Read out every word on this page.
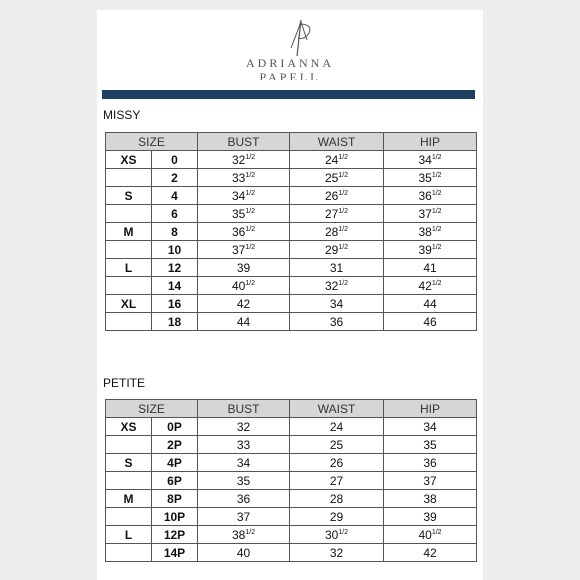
ADRIANNA
PAPELL
MISSY
SIZE		BUST	WAIST	HIP
XS	0	$32^{1/2}$	$24^{1/2}$	$34^{1/2}$
	2	$33^{1/2}$	$25^{1/2}$	$35^{1/2}$
S	4	$34^{1/2}$	$26^{1/2}$	$36^{1/2}$
	6	$35^{1/2}$	$27^{1/2}$	$37^{1/2}$
M	8	$36^{1/2}$	$28^{1/2}$	$38^{1/2}$
	10	$37^{1/2}$	$29^{1/2}$	$39^{1/2}$
L	12	39	31	41
	14	$40^{1/2}$	$32^{1/2}$	$42^{1/2}$
XL	16	42	34	44
	18	44	36	46
PETITE
SIZE		BUST	WAIST	HIP
XS	0P	32	24	34
	2P	33	25	35
S	4P	34	26	36
	6P	35	27	37
M	8P	36	28	38
	10P	37	29	39
L	12P	$38^{1/2}$	$30^{1/2}$	$40^{1/2}$
	14P	40	32	42
